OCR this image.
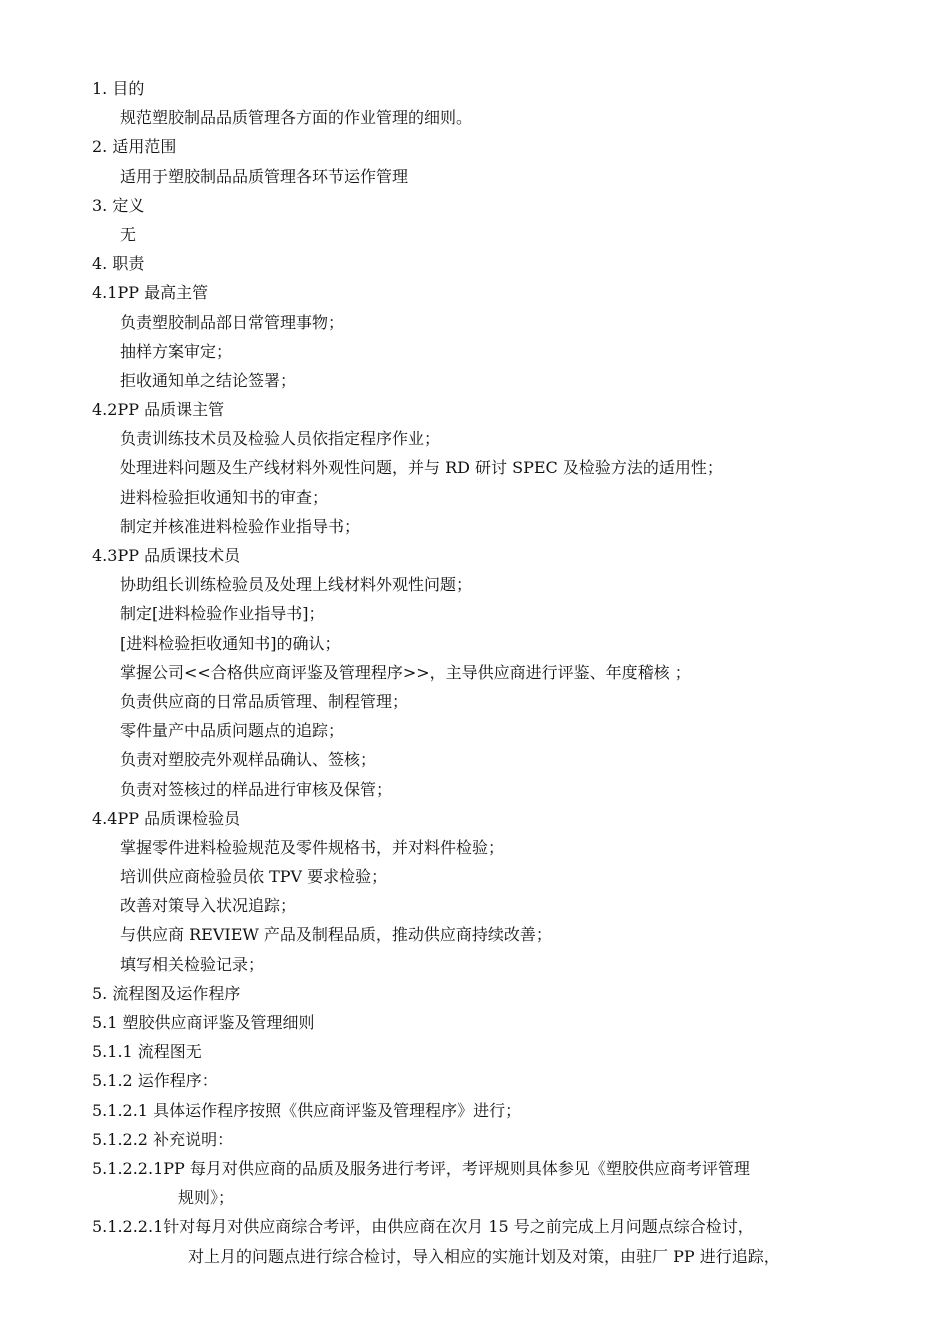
1. 目的
规范塑胶制品品质管理各方面的作业管理的细则。
2. 适用范围
适用于塑胶制品品质管理各环节运作管理
3. 定义
无
4. 职责
4.1PP 最高主管
负责塑胶制品部日常管理事物；
抽样方案审定；
拒收通知单之结论签署；
4.2PP 品质课主管
负责训练技术员及检验人员依指定程序作业；
处理进料问题及生产线材料外观性问题，并与 RD 研讨 SPEC 及检验方法的适用性；
进料检验拒收通知书的审查；
制定并核准进料检验作业指导书；
4.3PP 品质课技术员
协助组长训练检验员及处理上线材料外观性问题；
制定[进料检验作业指导书]；
[进料检验拒收通知书]的确认；
掌握公司<<合格供应商评鉴及管理程序>>，主导供应商进行评鉴、年度稽核 ；
负责供应商的日常品质管理、制程管理；
零件量产中品质问题点的追踪；
负责对塑胶壳外观样品确认、签核；
负责对签核过的样品进行审核及保管；
4.4PP 品质课检验员
掌握零件进料检验规范及零件规格书，并对料件检验；
培训供应商检验员依 TPV 要求检验；
改善对策导入状况追踪；
与供应商 REVIEW 产品及制程品质，推动供应商持续改善；
填写相关检验记录；
5. 流程图及运作程序
5.1 塑胶供应商评鉴及管理细则
5.1.1 流程图无
5.1.2 运作程序：
5.1.2.1 具体运作程序按照《供应商评鉴及管理程序》进行；
5.1.2.2 补充说明：
5.1.2.2.1PP 每月对供应商的品质及服务进行考评，考评规则具体参见《塑胶供应商考评管理
规则》；
5.1.2.2.1针对每月对供应商综合考评，由供应商在次月 15 号之前完成上月问题点综合检讨，
对上月的问题点进行综合检讨，导入相应的实施计划及对策，由驻厂 PP 进行追踪，
